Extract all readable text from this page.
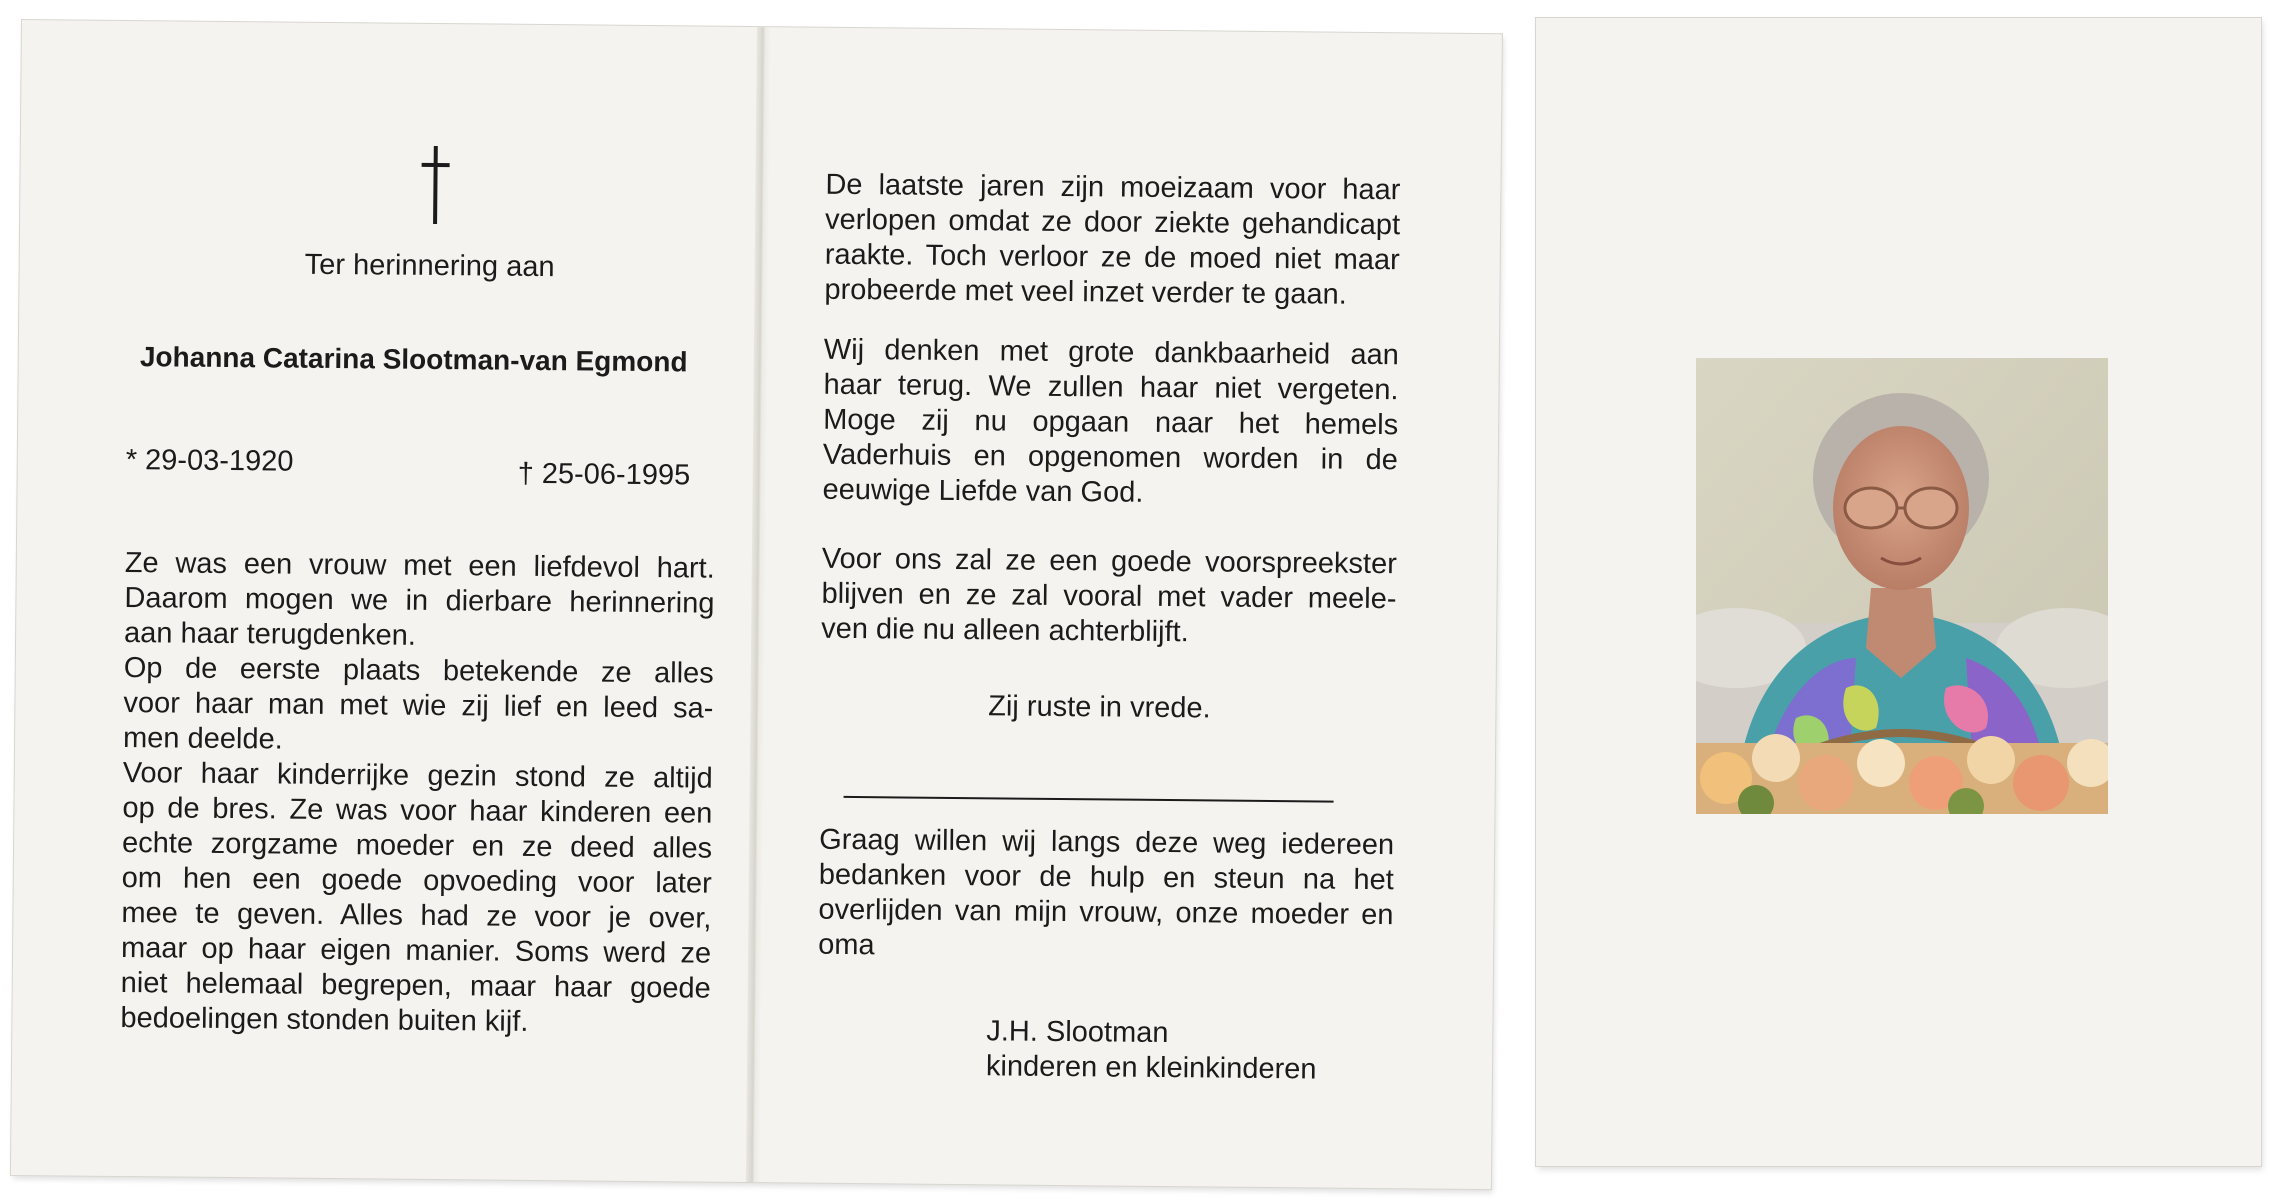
Ter herinnering aan
Johanna Catarina Slootman-van Egmond
* 29-03-1920	† 25-06-1995
Ze was een vrouw met een liefdevol hart.
Daarom mogen we in dierbare herinnering
aan haar terugdenken.
Op de eerste plaats betekende ze alles
voor haar man met wie zij lief en leed sa-
men deelde.
Voor haar kinderrijke gezin stond ze altijd
op de bres. Ze was voor haar kinderen een
echte zorgzame moeder en ze deed alles
om hen een goede opvoeding voor later
mee te geven. Alles had ze voor je over,
maar op haar eigen manier. Soms werd ze
niet helemaal begrepen, maar haar goede
bedoelingen stonden buiten kijf.
De laatste jaren zijn moeizaam voor haar
verlopen omdat ze door ziekte gehandicapt
raakte. Toch verloor ze de moed niet maar
probeerde met veel inzet verder te gaan.
Wij denken met grote dankbaarheid aan
haar terug. We zullen haar niet vergeten.
Moge zij nu opgaan naar het hemels
Vaderhuis en opgenomen worden in de
eeuwige Liefde van God.
Voor ons zal ze een goede voorspreekster
blijven en ze zal vooral met vader meele-
ven die nu alleen achterblijft.
Zij ruste in vrede.
Graag willen wij langs deze weg iedereen
bedanken voor de hulp en steun na het
overlijden van mijn vrouw, onze moeder en
oma
J.H. Slootman
kinderen en kleinkinderen
